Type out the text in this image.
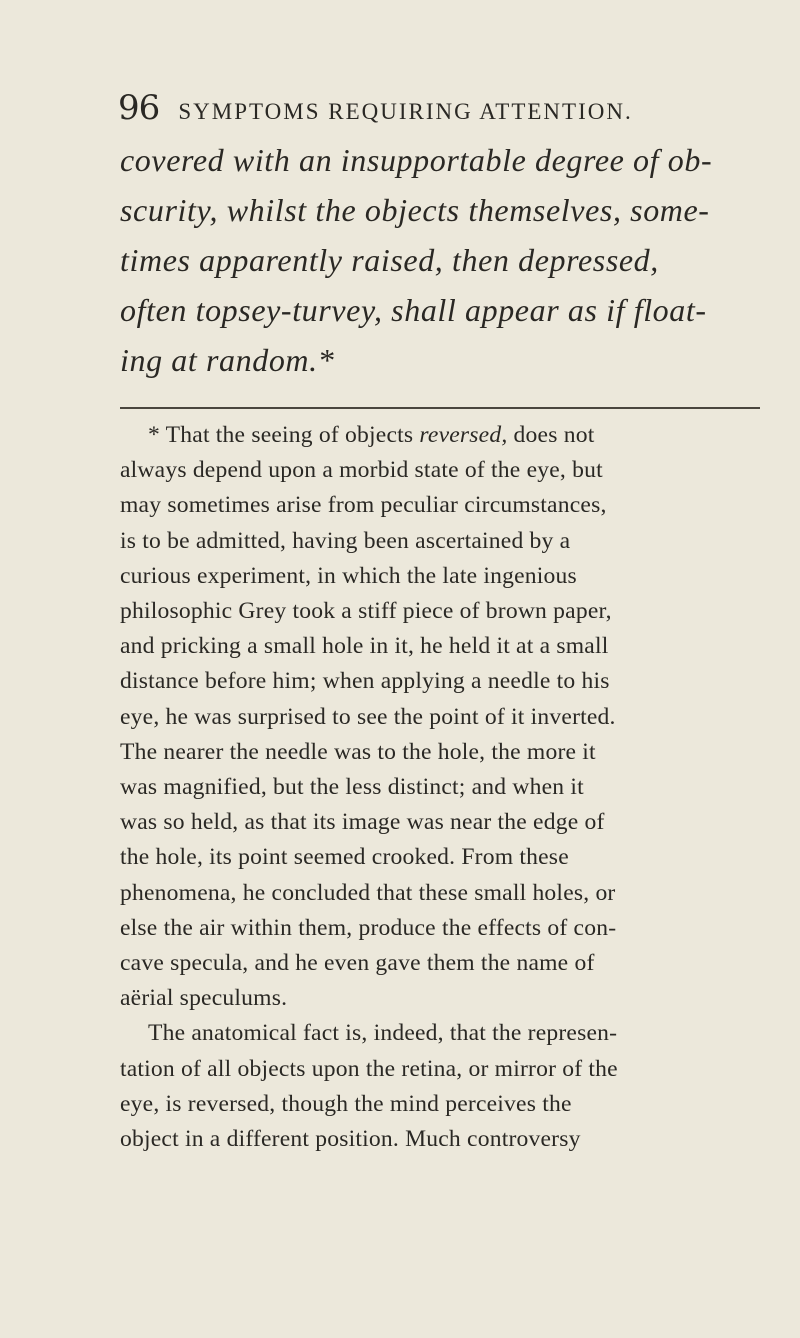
96 SYMPTOMS REQUIRING ATTENTION.
covered with an insupportable degree of ob-
scurity, whilst the objects themselves, some-
times apparently raised, then depressed,
often topsey-turvey, shall appear as if float-
ing at random.*
* That the seeing of objects reversed, does not
always depend upon a morbid state of the eye, but
may sometimes arise from peculiar circumstances,
is to be admitted, having been ascertained by a
curious experiment, in which the late ingenious
philosophic Grey took a stiff piece of brown paper,
and pricking a small hole in it, he held it at a small
distance before him; when applying a needle to his
eye, he was surprised to see the point of it inverted.
The nearer the needle was to the hole, the more it
was magnified, but the less distinct; and when it
was so held, as that its image was near the edge of
the hole, its point seemed crooked. From these
phenomena, he concluded that these small holes, or
else the air within them, produce the effects of con-
cave specula, and he even gave them the name of
aërial speculums.
The anatomical fact is, indeed, that the represen-
tation of all objects upon the retina, or mirror of the
eye, is reversed, though the mind perceives the
object in a different position. Much controversy
